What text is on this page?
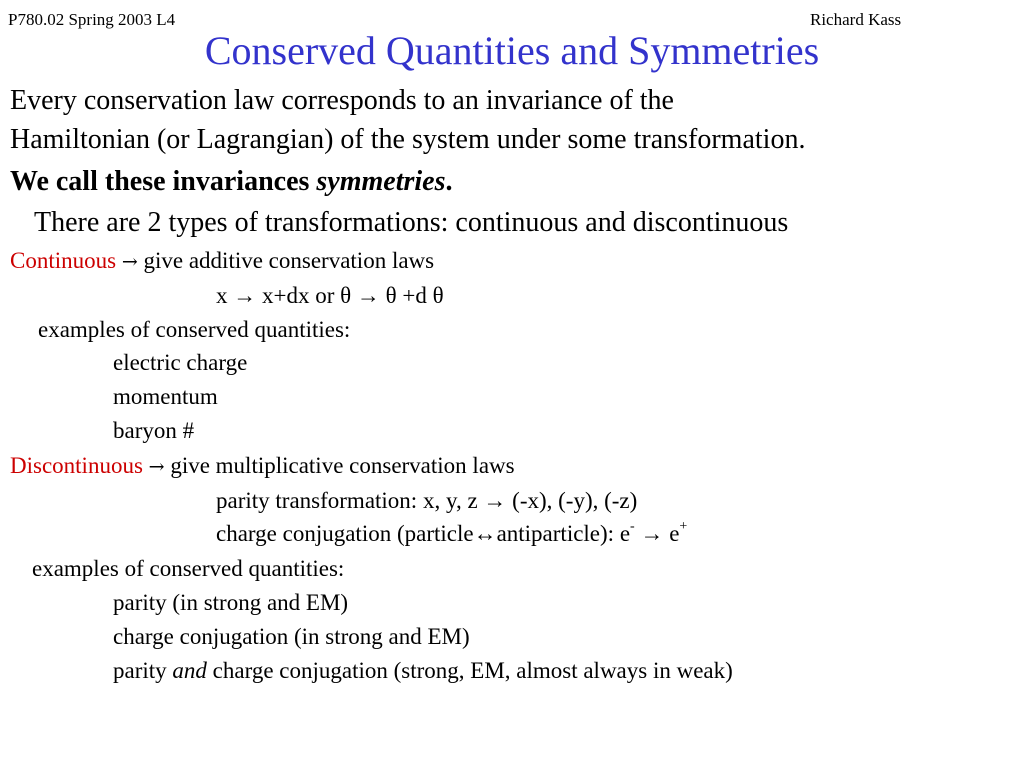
P780.02 Spring 2003 L4	Richard Kass
Conserved Quantities and Symmetries
Every conservation law corresponds to an invariance of the
Hamiltonian (or Lagrangian) of the system under some transformation.
We call these invariances symmetries.
There are 2 types of transformations: continuous and discontinuous
Continuous → give additive conservation laws
x → x+dx or θ → θ +d θ
examples of conserved quantities:
electric charge
momentum
baryon #
Discontinuous → give multiplicative conservation laws
parity transformation: x, y, z → (-x), (-y), (-z)
charge conjugation (particle↔antiparticle): e- → e+
examples of conserved quantities:
parity (in strong and EM)
charge conjugation (in strong and EM)
parity and charge conjugation (strong, EM, almost always in weak)
